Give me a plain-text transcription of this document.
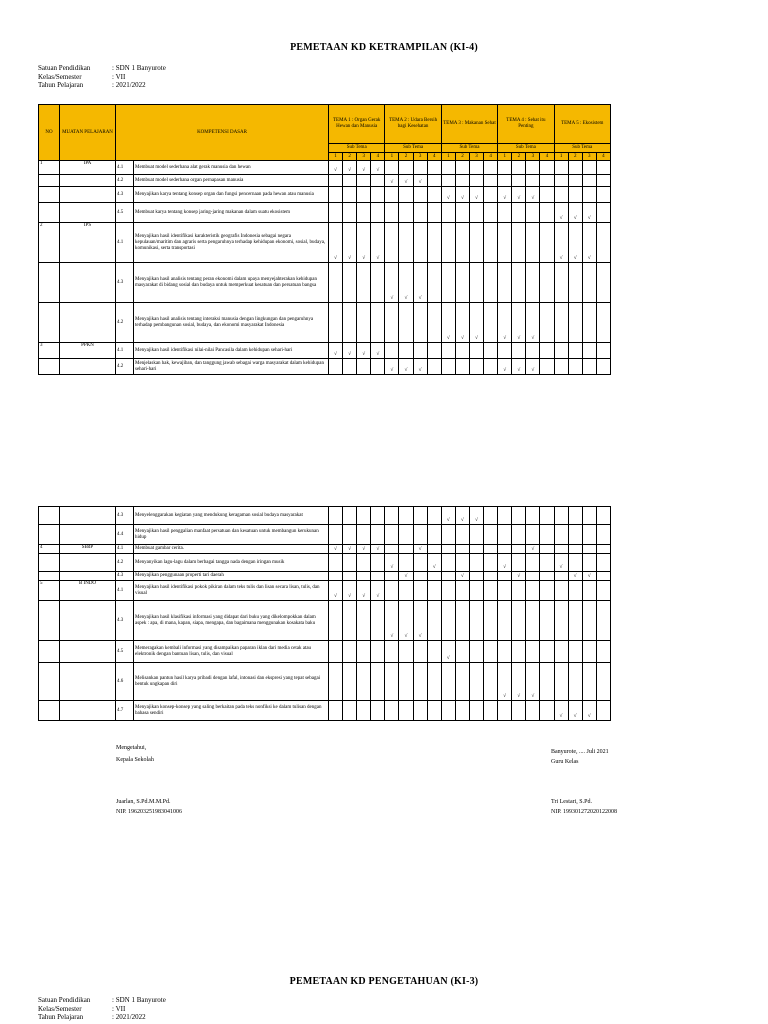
PEMETAAN KD KETRAMPILAN (KI-4)
Satuan Pendidikan	: SDN 1 Banyurote
Kelas/Semester	: VII
Tahun Pelajaran	: 2021/2022
NO	MUATAN PELAJARAN	KOMPETENSI DASAR		TEMA 1 : Organ Gerak Hewan dan Manusia				TEMA 2 : Udara Bersih bagi Kesehatan				TEMA 3 : Makanan Sehat				TEMA 4 : Sehat itu Penting				TEMA 5 : Ekosistem			
				Sub Tema				Sub Tema				Sub Tema				Sub Tema				Sub Tema			
				1	2	3	4	1	2	3	4	1	2	3	4	1	2	3	4	1	2	3	4
1	IPA	4.1	Membuat model sederhana alat gerak manusia dan hewan	√	√	√	√																
		4.2	Membuat model sederhana organ pernapasan manusia					√	√	√													
		4.3	Menyajikan karya tentang konsep organ dan fungsi pencernaan pada hewan atau manusia									√	√	√		√	√	√					
		4.5	Membuat karya tentang konsep jaring-jaring makanan dalam suatu ekosistem																	√	√	√	
2	IPS	4.1	Menyajikan hasil identifikasi karakteristik geografis Indonesia sebagai negara kepulauan/maritim dan agraris serta pengaruhnya terhadap kehidupan ekonomi, sosial, budaya, komunikasi, serta transportasi	√	√	√	√													√	√	√	
		4.3	Menyajikan hasil analisis tentang peran ekonomi dalam upaya menyejahterakan kehidupan masyarakat di bidang sosial dan budaya untuk memperkuat kesatuan dan persatuan bangsa					√	√	√													
		4.2	Menyajikan hasil analisis tentang interaksi manusia dengan lingkungan dan pengaruhnya terhadap pembangunan sosial, budaya, dan ekonomi masyarakat Indonesia									√	√	√		√	√	√					
3	PPKN	4.1	Menyajikan hasil identifikasi nilai-nilai Pancasila dalam kehidupan sehari-hari	√	√	√	√																
		4.2	Menjelaskan hak, kewajiban, dan tanggung jawab sebagai warga masyarakat dalam kehidupan sehari-hari					√	√	√						√	√	√					
		4.3	Menyelenggarakan kegiatan yang mendukung keragaman sosial budaya masyarakat									√	√	√									
		4.4	Menyajikan hasil penggalian manfaat persatuan dan kesatuan untuk membangun kerukunan hidup																				
4	SBdP	4.1	Membuat gambar cerita.	√	√	√	√			√								√					
		4.2	Menyanyikan lagu-lagu dalam berbagai tangga nada dengan iringan musik					√			√					√				√			
		4.3	Menyajikan penggunaan properti tari daerah						√				√				√				√	√	
5	B INDO	4.1	Menyajikan hasil identifikasi pokok pikiran dalam teks tulis dan lisan secara lisan, tulis, dan visual	√	√	√	√																
		4.3	Menyajikan hasil klasifikasi informasi yang didapat dari buku yang dikelompokkan dalam aspek : apa, di mana, kapan, siapa, mengapa, dan bagaimana menggunakan kosakata baku					√	√	√													
		4.5	Memeragakan kembali informasi yang disampaikan paparan iklan dari media cetak atau elektronik dengan bantuan lisan, tulis, dan visual									√											
		4.6	Melisankan pantun hasil karya pribadi dengan lafal, intonasi dan ekspresi yang tepat sebagai bentuk ungkapan diri													√	√	√					
		4.7	Menyajikan konsep-konsep yang saling berkaitan pada teks nonfiksi ke dalam tulisan dengan bahasa sendiri																	√	√	√	
Mengetahui,
Kepala Sekolah
Juarlan, S.Pd.M.M.Pd.
NIP. 196203251983041006
Banyurote, .... Juli 2021
Guru Kelas
Tri Lestari, S.Pd.
NIP. 199301272020122008
PEMETAAN KD PENGETAHUAN (KI-3)
Satuan Pendidikan	: SDN 1 Banyurote
Kelas/Semester	: VII
Tahun Pelajaran	: 2021/2022
